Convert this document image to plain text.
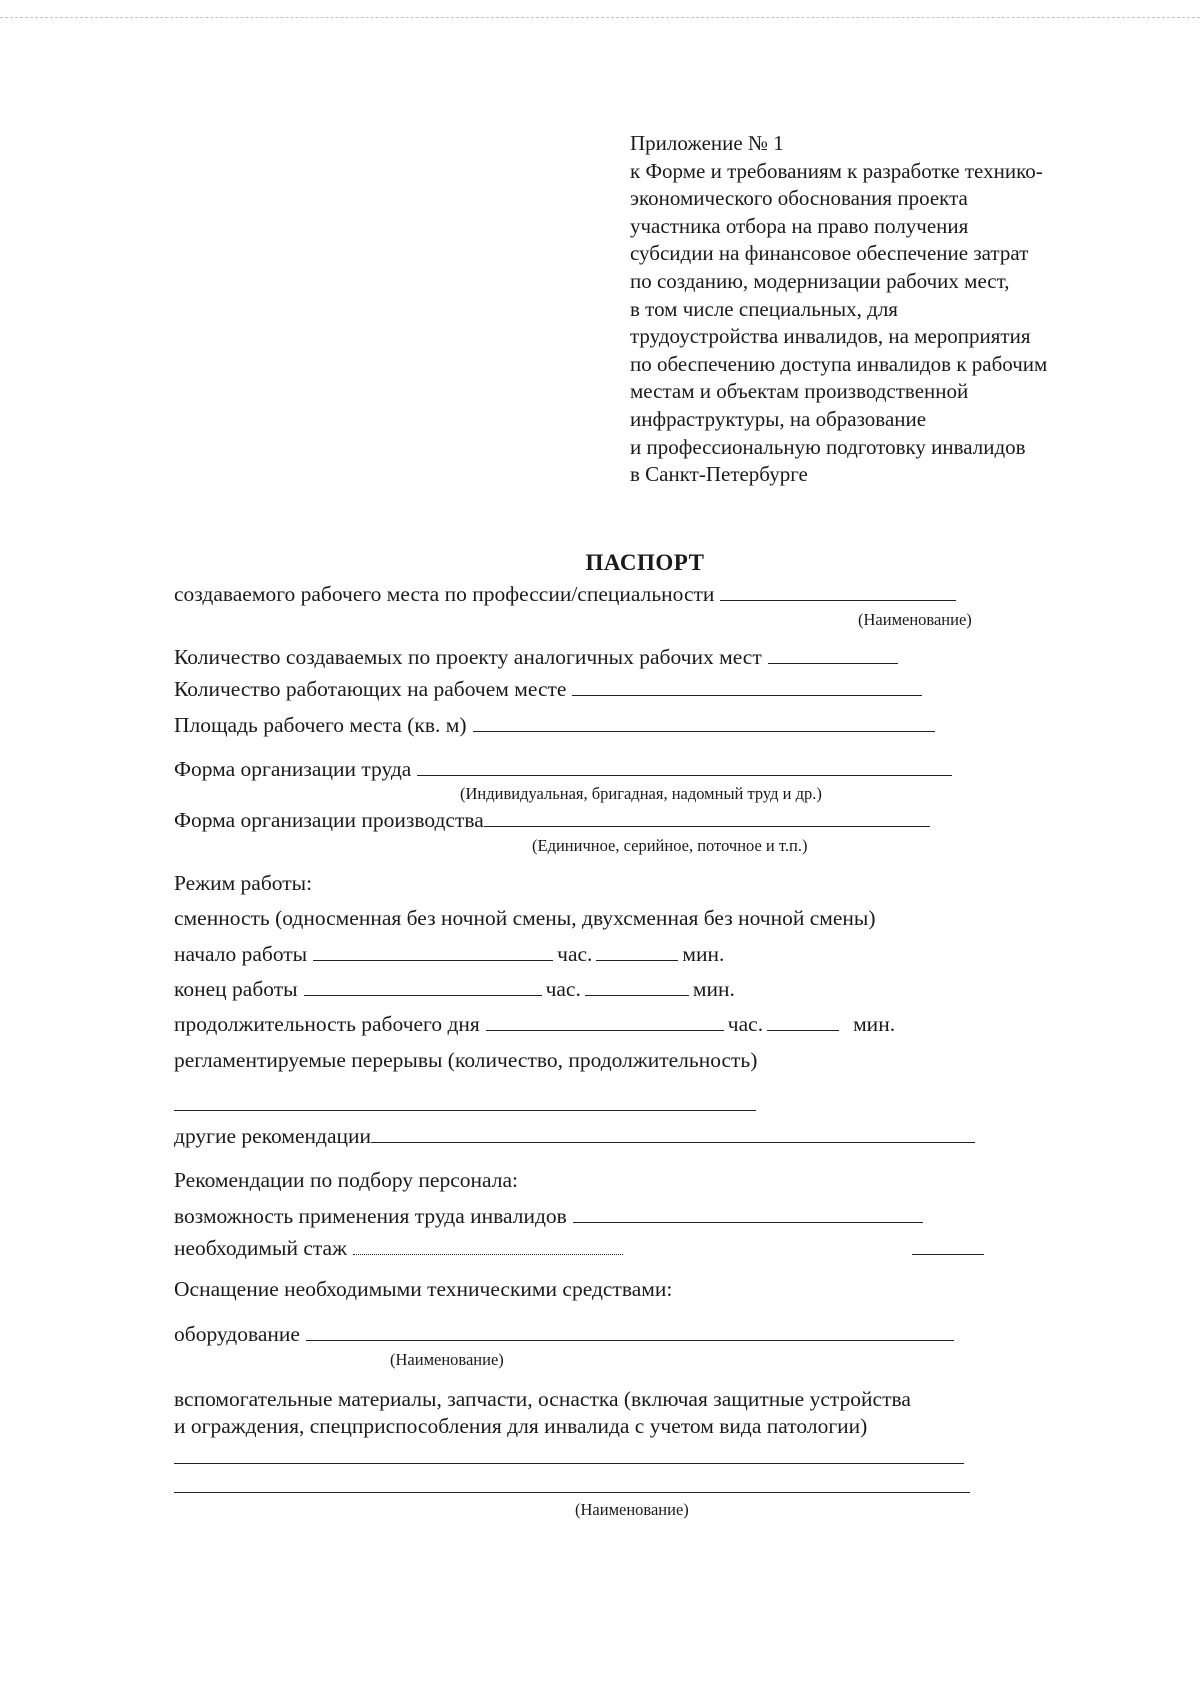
Приложение № 1
к Форме и требованиям к разработке технико-
экономического обоснования проекта
участника отбора на право получения
субсидии на финансовое обеспечение затрат
по созданию, модернизации рабочих мест,
в том числе специальных, для
трудоустройства инвалидов, на мероприятия
по обеспечению доступа инвалидов к рабочим
местам и объектам производственной
инфраструктуры, на образование
и профессиональную подготовку инвалидов
в Санкт-Петербурге
ПАСПОРТ
создаваемого рабочего места по профессии/специальности
(Наименование)
Количество создаваемых по проекту аналогичных рабочих мест
Количество работающих на рабочем месте
Площадь рабочего места (кв. м)
Форма организации труда
(Индивидуальная, бригадная, надомный труд и др.)
Форма организации производства
(Единичное, серийное, поточное и т.п.)
Режим работы:
сменность (односменная без ночной смены, двухсменная без ночной смены)
начало работы	час.	мин.
конец работы	час.	мин.
продолжительность рабочего дня	час.	мин.
регламентируемые перерывы (количество, продолжительность)
другие рекомендации
Рекомендации по подбору персонала:
возможность применения труда инвалидов
необходимый стаж
Оснащение необходимыми техническими средствами:
оборудование
(Наименование)
вспомогательные материалы, запчасти, оснастка (включая защитные устройства
и ограждения, спецприспособления для инвалида с учетом вида патологии)
(Наименование)
